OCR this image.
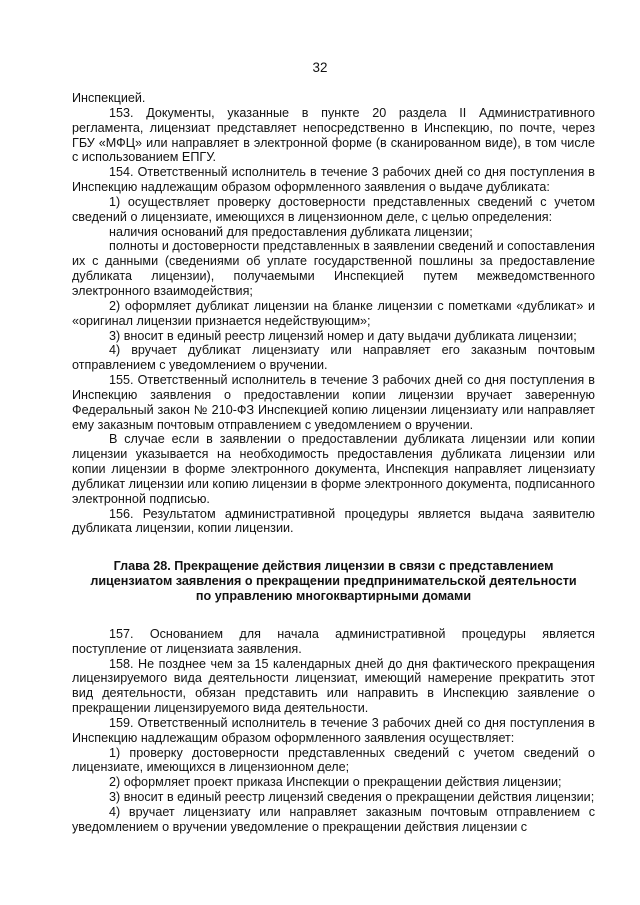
32

Инспекцией.

153. Документы, указанные в пункте 20 раздела II Административного регламента, лицензиат представляет непосредственно в Инспекцию, по почте, через ГБУ «МФЦ» или направляет в электронной форме (в сканированном виде), в том числе с использованием ЕПГУ.

154. Ответственный исполнитель в течение 3 рабочих дней со дня поступления в Инспекцию надлежащим образом оформленного заявления о выдаче дубликата:

1) осуществляет проверку достоверности представленных сведений с учетом сведений о лицензиате, имеющихся в лицензионном деле, с целью определения:

наличия оснований для предоставления дубликата лицензии;

полноты и достоверности представленных в заявлении сведений и сопоставления их с данными (сведениями об уплате государственной пошлины за предоставление дубликата лицензии), получаемыми Инспекцией путем межведомственного электронного взаимодействия;

2) оформляет дубликат лицензии на бланке лицензии с пометками «дубликат» и «оригинал лицензии признается недействующим»;

3) вносит в единый реестр лицензий номер и дату выдачи дубликата лицензии;

4) вручает дубликат лицензиату или направляет его заказным почтовым отправлением с уведомлением о вручении.

155. Ответственный исполнитель в течение 3 рабочих дней со дня поступления в Инспекцию заявления о предоставлении копии лицензии вручает заверенную Федеральный закон № 210-ФЗ Инспекцией копию лицензии лицензиату или направляет ему заказным почтовым отправлением с уведомлением о вручении.

В случае если в заявлении о предоставлении дубликата лицензии или копии лицензии указывается на необходимость предоставления дубликата лицензии или копии лицензии в форме электронного документа, Инспекция направляет лицензиату дубликат лицензии или копию лицензии в форме электронного документа, подписанного электронной подписью.

156. Результатом административной процедуры является выдача заявителю дубликата лицензии, копии лицензии.

Глава 28. Прекращение действия лицензии в связи с представлением лицензиатом заявления о прекращении предпринимательской деятельности по управлению многоквартирными домами

157. Основанием для начала административной процедуры является поступление от лицензиата заявления.

158. Не позднее чем за 15 календарных дней до дня фактического прекращения лицензируемого вида деятельности лицензиат, имеющий намерение прекратить этот вид деятельности, обязан представить или направить в Инспекцию заявление о прекращении лицензируемого вида деятельности.

159. Ответственный исполнитель в течение 3 рабочих дней со дня поступления в Инспекцию надлежащим образом оформленного заявления осуществляет:

1) проверку достоверности представленных сведений с учетом сведений о лицензиате, имеющихся в лицензионном деле;

2) оформляет проект приказа Инспекции о прекращении действия лицензии;

3) вносит в единый реестр лицензий сведения о прекращении действия лицензии;

4) вручает лицензиату или направляет заказным почтовым отправлением с уведомлением о вручении уведомление о прекращении действия лицензии с
